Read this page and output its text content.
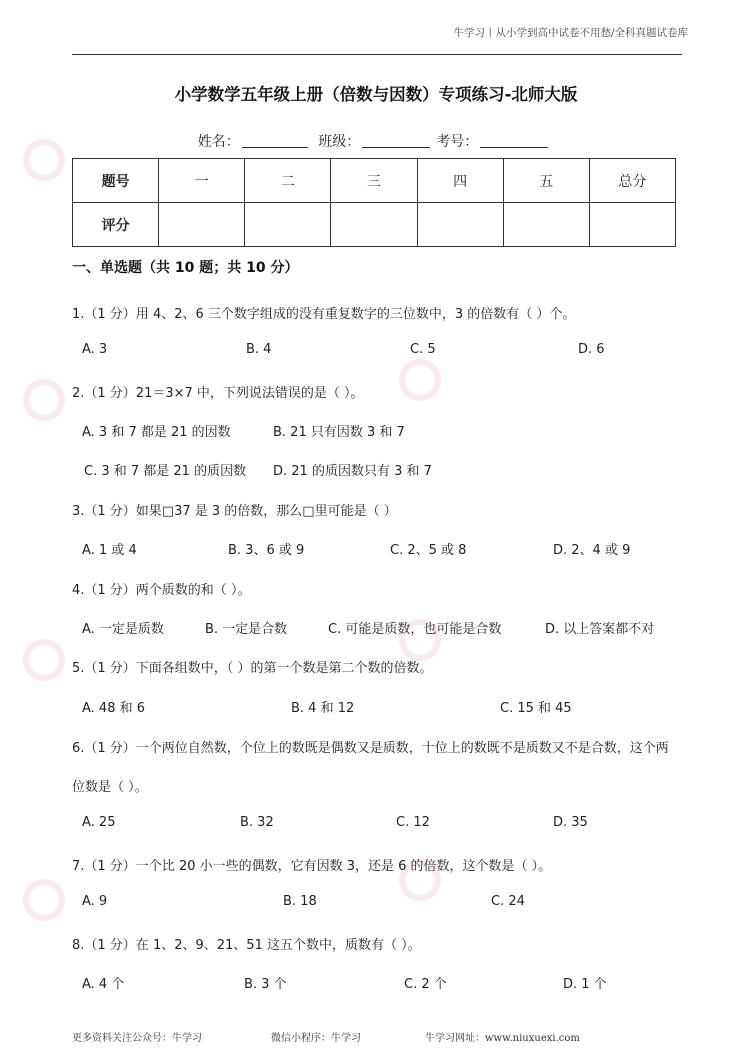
牛学习丨从小学到高中试卷不用愁/全科真题试卷库
小学数学五年级上册（倍数与因数）专项练习-北师大版
姓名：	班级：	考号：
题号	一	二	三	四	五	总分
评分						
一、单选题（共 10 题；共 10 分）
1.（1 分）用 4、2、6 三个数字组成的没有重复数字的三位数中，3 的倍数有（ ）个。
A. 3	B. 4	C. 5	D. 6
2.（1 分）21＝3×7 中，下列说法错误的是（ ）。
A. 3 和 7 都是 21 的因数	B. 21 只有因数 3 和 7
C. 3 和 7 都是 21 的质因数 D. 21 的质因数只有 3 和 7
3.（1 分）如果□37 是 3 的倍数，那么□里可能是（ ）
A. 1 或 4	B. 3、6 或 9	C. 2、5 或 8	D. 2、4 或 9
4.（1 分）两个质数的和（ ）。
A. 一定是质数	B. 一定是合数	C. 可能是质数，也可能是合数	D. 以上答案都不对
5.（1 分）下面各组数中，（ ）的第一个数是第二个数的倍数。
A. 48 和 6	B. 4 和 12	C. 15 和 45
6.（1 分）一个两位自然数，个位上的数既是偶数又是质数，十位上的数既不是质数又不是合数，这个两
位数是（ ）。
A. 25	B. 32	C. 12	D. 35
7.（1 分）一个比 20 小一些的偶数，它有因数 3，还是 6 的倍数，这个数是（ ）。
A. 9	B. 18	C. 24
8.（1 分）在 1、2、9、21、51 这五个数中，质数有（ ）。
A. 4 个	B. 3 个	C. 2 个	D. 1 个
更多资料关注公众号：牛学习	微信小程序：牛学习	牛学习网址：www.niuxuexi.com
